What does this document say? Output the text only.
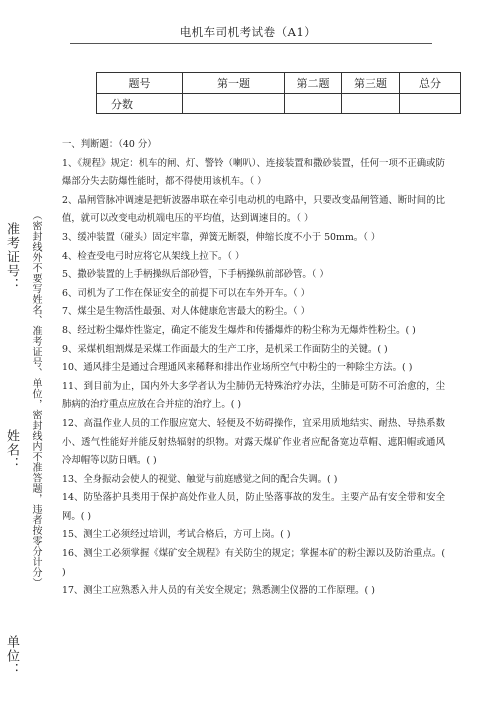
电机车司机考试卷（A1）
题号	第一题	第二题	第三题	总分
分数				
单位：
姓名：
准考证号： （密封线外不要写姓名、准考证号、单位，密封线内不准答题，违者按零分计分）

一、判断题：（40 分）

1、《规程》规定：机车的闸、灯、警铃（喇叭）、连接装置和撒砂装置，任何一项不正确或防爆部分失去防爆性能时，都不得使用该机车。（ ）

2、晶闸管脉冲调速是把斩波器串联在牵引电动机的电路中，只要改变晶闸管通、断时间的比值，就可以改变电动机端电压的平均值，达到调速目的。（ ）

3、缓冲装置（碰头）固定牢靠，弹簧无断裂，伸缩长度不小于 50mm。（ ）

4、检查受电弓时应将它从架线上拉下。（ ）

5、撒砂装置的上手柄操纵后部砂管，下手柄操纵前部砂管。（ ）

6、司机为了工作在保证安全的前提下可以在车外开车。（ ）

7、煤尘是生物活性最强、对人体健康危害最大的粉尘。（ ）

8、经过粉尘爆炸性鉴定，确定不能发生爆炸和传播爆炸的粉尘称为无爆炸性粉尘。( )

9、采煤机组割煤是采煤工作面最大的生产工序，是机采工作面防尘的关键。( )

10、通风排尘是通过合理通风来稀释和排出作业场所空气中粉尘的一种除尘方法。( )

11、到目前为止，国内外大多学者认为尘肺仍无特殊治疗办法，尘肺是可防不可治愈的，尘肺病的治疗重点应放在合并症的治疗上。( )

12、高温作业人员的工作服应宽大、轻便及不妨碍操作，宜采用质地结实、耐热、导热系数小、透气性能好并能反射热辐射的织物。对露天煤矿作业者应配备宽边草帽、遮阳帽或通风冷却帽等以防日晒。( )

13、全身振动会使人的视觉、触觉与前庭感觉之间的配合失调。( )

14、防坠落护具类用于保护高处作业人员，防止坠落事故的发生。主要产品有安全带和安全网。( )

15、测尘工必须经过培训，考试合格后，方可上岗。( )

16、测尘工必须掌握《煤矿安全规程》有关防尘的规定；掌握本矿的粉尘源以及防治重点。( )

17、测尘工应熟悉入井人员的有关安全规定；熟悉测尘仪器的工作原理。( )
